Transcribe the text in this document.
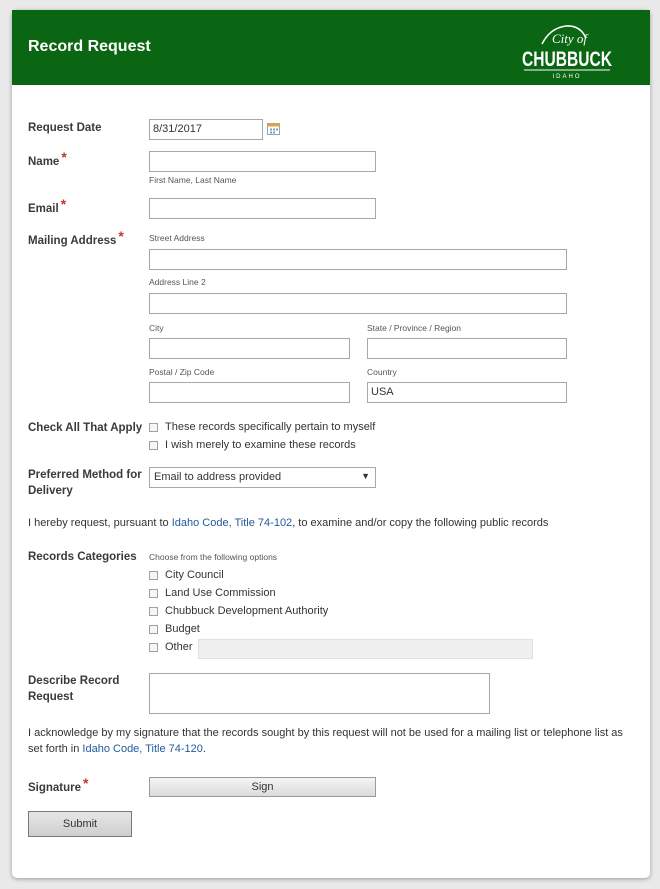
Record Request	City of
CHUBBUCK
IDAHO
Request Date	8/31/2017
Name *
First Name, Last Name
Email *
Mailing Address *	Street Address
Address Line 2
City	State / Province / Region
Postal / Zip Code	Country
USA
Check All That Apply These records specifically pertain to myself
I wish merely to examine these records
Preferred Method for
Delivery
Email to address provided	▼
I hereby request, pursuant to Idaho Code, Title 74-102, to examine and/or copy the following public records
Records Categories Choose from the following options
City Council
Land Use Commission
Chubbuck Development Authority
Budget
Other
Describe Record
Request
I acknowledge by my signature that the records sought by this request will not be used for a mailing list or telephone list as set forth in Idaho Code, Title 74-120.
Signature *	Sign
Submit
